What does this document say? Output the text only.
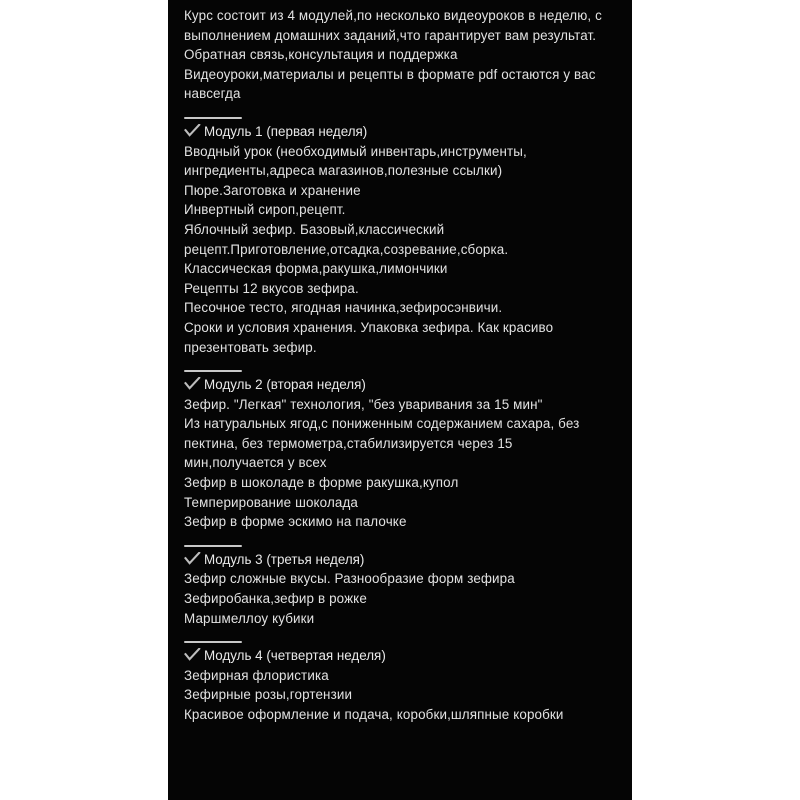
Курс состоит из 4 модулей,по несколько видеоуроков в неделю, с выполнением домашних заданий,что гарантирует вам результат.

Обратная связь,консультация и поддержка

Видеоуроки,материалы и рецепты в формате pdf остаются у вас навсегда

Модуль 1 (первая неделя)

Вводный урок (необходимый инвентарь,инструменты, ингредиенты,адреса магазинов,полезные ссылки)

Пюре.Заготовка и хранение

Инвертный сироп,рецепт.

Яблочный зефир. Базовый,классический рецепт.Приготовление,отсадка,созревание,сборка.

Классическая форма,ракушка,лимончики

Рецепты 12 вкусов зефира.

Песочное тесто, ягодная начинка,зефиросэнвичи.

Сроки и условия хранения. Упаковка зефира. Как красиво презентовать зефир.

Модуль 2 (вторая неделя)

Зефир. "Легкая" технология, "без уваривания за 15 мин"

Из натуральных ягод,с пониженным содержанием сахара, без пектина, без термометра,стабилизируется через 15 мин,получается у всех

Зефир в шоколаде в форме ракушка,купол

Темперирование шоколада

Зефир в форме эскимо на палочке

Модуль 3 (третья неделя)

Зефир сложные вкусы. Разнообразие форм зефира

Зефиробанка,зефир в рожке

Маршмеллоу кубики

Модуль 4 (четвертая неделя)

Зефирная флористика

Зефирные розы,гортензии

Красивое оформление и подача, коробки,шляпные коробки
